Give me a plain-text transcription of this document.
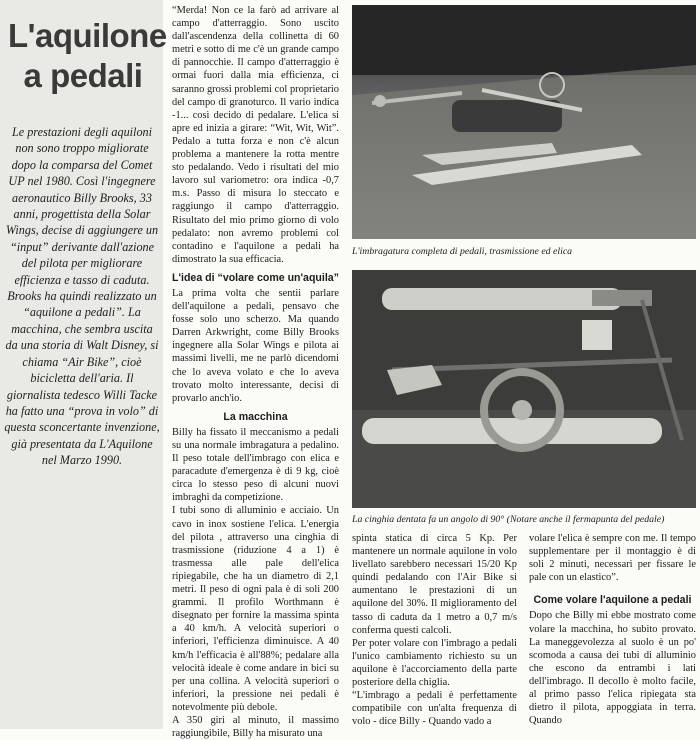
L'aquilone a pedali

Le prestazioni degli aquiloni non sono troppo migliorate dopo la comparsa del Comet UP nel 1980. Così l'ingegnere aeronautico Billy Brooks, 33 anni, progettista della Solar Wings, decise di aggiungere un “input” derivante dall'azione del pilota per migliorare efficienza e tasso di caduta. Brooks ha quindi realizzato un “aquilone a pedali”. La macchina, che sembra uscita da una storia di Walt Disney, si chiama “Air Bike”, cioè bicicletta dell'aria. Il giornalista tedesco Willi Tacke ha fatto una “prova in volo” di questa sconcertante invenzione, già presentata da L'Aquilone nel Marzo 1990.

“Merda! Non ce la farò ad arrivare al campo d'atterraggio. Sono uscito dall'ascendenza della collinetta di 60 metri e sotto di me c'è un grande campo di pannocchie. Il campo d'atterraggio è ormai fuori dalla mia efficienza, ci saranno grossi problemi col proprietario del campo di granoturco. Il vario indica -1... così decido di pedalare. L'elica si apre ed inizia a girare: “Wit, Wit, Wit”. Pedalo a tutta forza e non c'è alcun problema a mantenere la rotta mentre sto pedalando. Vedo i risultati del mio lavoro sul variometro: ora indica -0,7 m.s. Passo di misura lo steccato e raggiungo il campo d'atterraggio. Risultato del mio primo giorno di volo pedalato: non avremo problemi col contadino e l'aquilone a pedali ha dimostrato la sua efficacia.

L'idea di “volare come un'aquila”

La prima volta che sentii parlare dell'aquilone a pedali, pensavo che fosse solo uno scherzo. Ma quando Darren Arkwright, come Billy Brooks ingegnere alla Solar Wings e pilota ai massimi livelli, me ne parlò dicendomi che lo aveva volato e che lo aveva trovato molto interessante, decisi di provarlo anch'io.

La macchina

Billy ha fissato il meccanismo a pedali su una normale imbragatura a pedalino. Il peso totale dell'imbrago con elica e paracadute d'emergenza è di 9 kg, cioè circa lo stesso peso di alcuni nuovi imbraghi da competizione.

I tubi sono di alluminio e acciaio. Un cavo in inox sostiene l'elica. L'energia del pilota , attraverso una cinghia di trasmissione (riduzione 4 a 1) è trasmessa alle pale dell'elica ripiegabile, che ha un diametro di 2,1 metri. Il peso di ogni pala è di soli 200 grammi. Il profilo Worthmann è disegnato per fornire la massima spinta a 40 km/h. A velocità superiori o inferiori, l'efficienza diminuisce. A 40 km/h l'efficacia è all'88%; pedalare alla velocità ideale è come andare in bici su per una collina. A velocità superiori o inferiori, la pressione nei pedali è notevolmente più debole.

A 350 giri al minuto, il massimo raggiungibile, Billy ha misurato una

L'imbragatura completa di pedali, trasmissione ed elica

La cinghia dentata fa un angolo di 90° (Notare anche il fermapunta del pedale)

spinta statica di circa 5 Kp. Per mantenere un normale aquilone in volo livellato sarebbero necessari 15/20 Kp quindi pedalando con l'Air Bike si aumentano le prestazioni di un aquilone del 30%. Il miglioramento del tasso di caduta da 1 metro a 0,7 m/s conferma questi calcoli.

Per poter volare con l'imbrago a pedali l'unico cambiamento richiesto su un aquilone è l'accorciamento della parte posteriore della chiglia.

“L'imbrago a pedali è perfettamente compatibile con un'alta frequenza di volo - dice Billy - Quando vado a

volare l'elica è sempre con me. Il tempo supplementare per il montaggio è di soli 2 minuti, necessari per fissare le pale con un elastico”.

Come volare l'aquilone a pedali

Dopo che Billy mi ebbe mostrato come volare la macchina, ho subito provato. La maneggevolezza al suolo è un po' scomoda a causa dei tubi di alluminio che escono da entrambi i lati dell'imbrago. Il decollo è molto facile, al primo passo l'elica ripiegata sta dietro il pilota, appoggiata in terra. Quando
